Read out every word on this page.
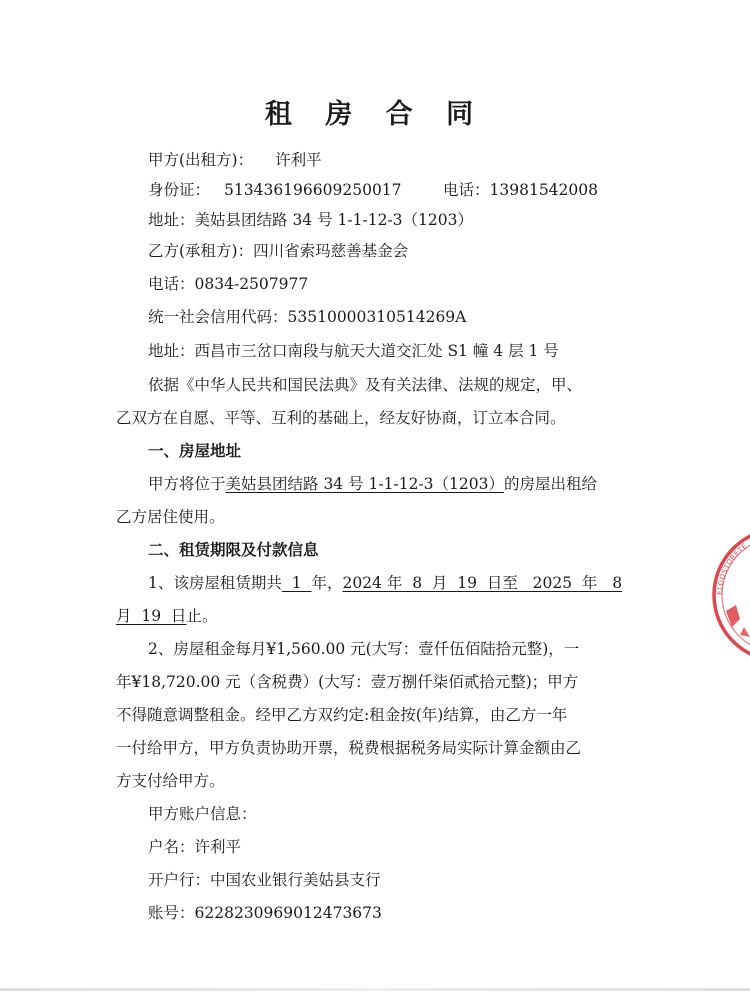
租 房 合 同
甲方(出租方)： 许利平
身份证： 513436196609250017	电话：13981542008
地址：美姑县团结路 34 号 1-1-12-3（1203）
乙方(承租方)：四川省索玛慈善基金会
电话：0834-2507977
统一社会信用代码：53510000310514269A
地址：西昌市三岔口南段与航天大道交汇处 S1 幢 4 层 1 号
依据《中华人民共和国民法典》及有关法律、法规的规定，甲、
乙双方在自愿、平等、互利的基础上，经友好协商，订立本合同。
一、房屋地址
甲方将位于美姑县团结路 34 号 1-1-12-3（1203）的房屋出租给
乙方居住使用。
二、租赁期限及付款信息
1、该房屋租赁期共  1  年，2024 年  8  月  19  日至   2025  年   8
月  19  日止。
2、房屋租金每月¥1,560.00 元(大写：壹仟伍佰陆拾元整)，一
年¥18,720.00 元（含税费）(大写：壹万捌仟柒佰贰拾元整)；甲方
不得随意调整租金。经甲乙方双约定:租金按(年)结算，由乙方一年
一付给甲方，甲方负责协助开票，税费根据税务局实际计算金额由乙
方支付给甲方。
甲方账户信息：
户名：许利平
开户行：中国农业银行美姑县支行
账号：6228230969012473673
ELOOSTORETE
